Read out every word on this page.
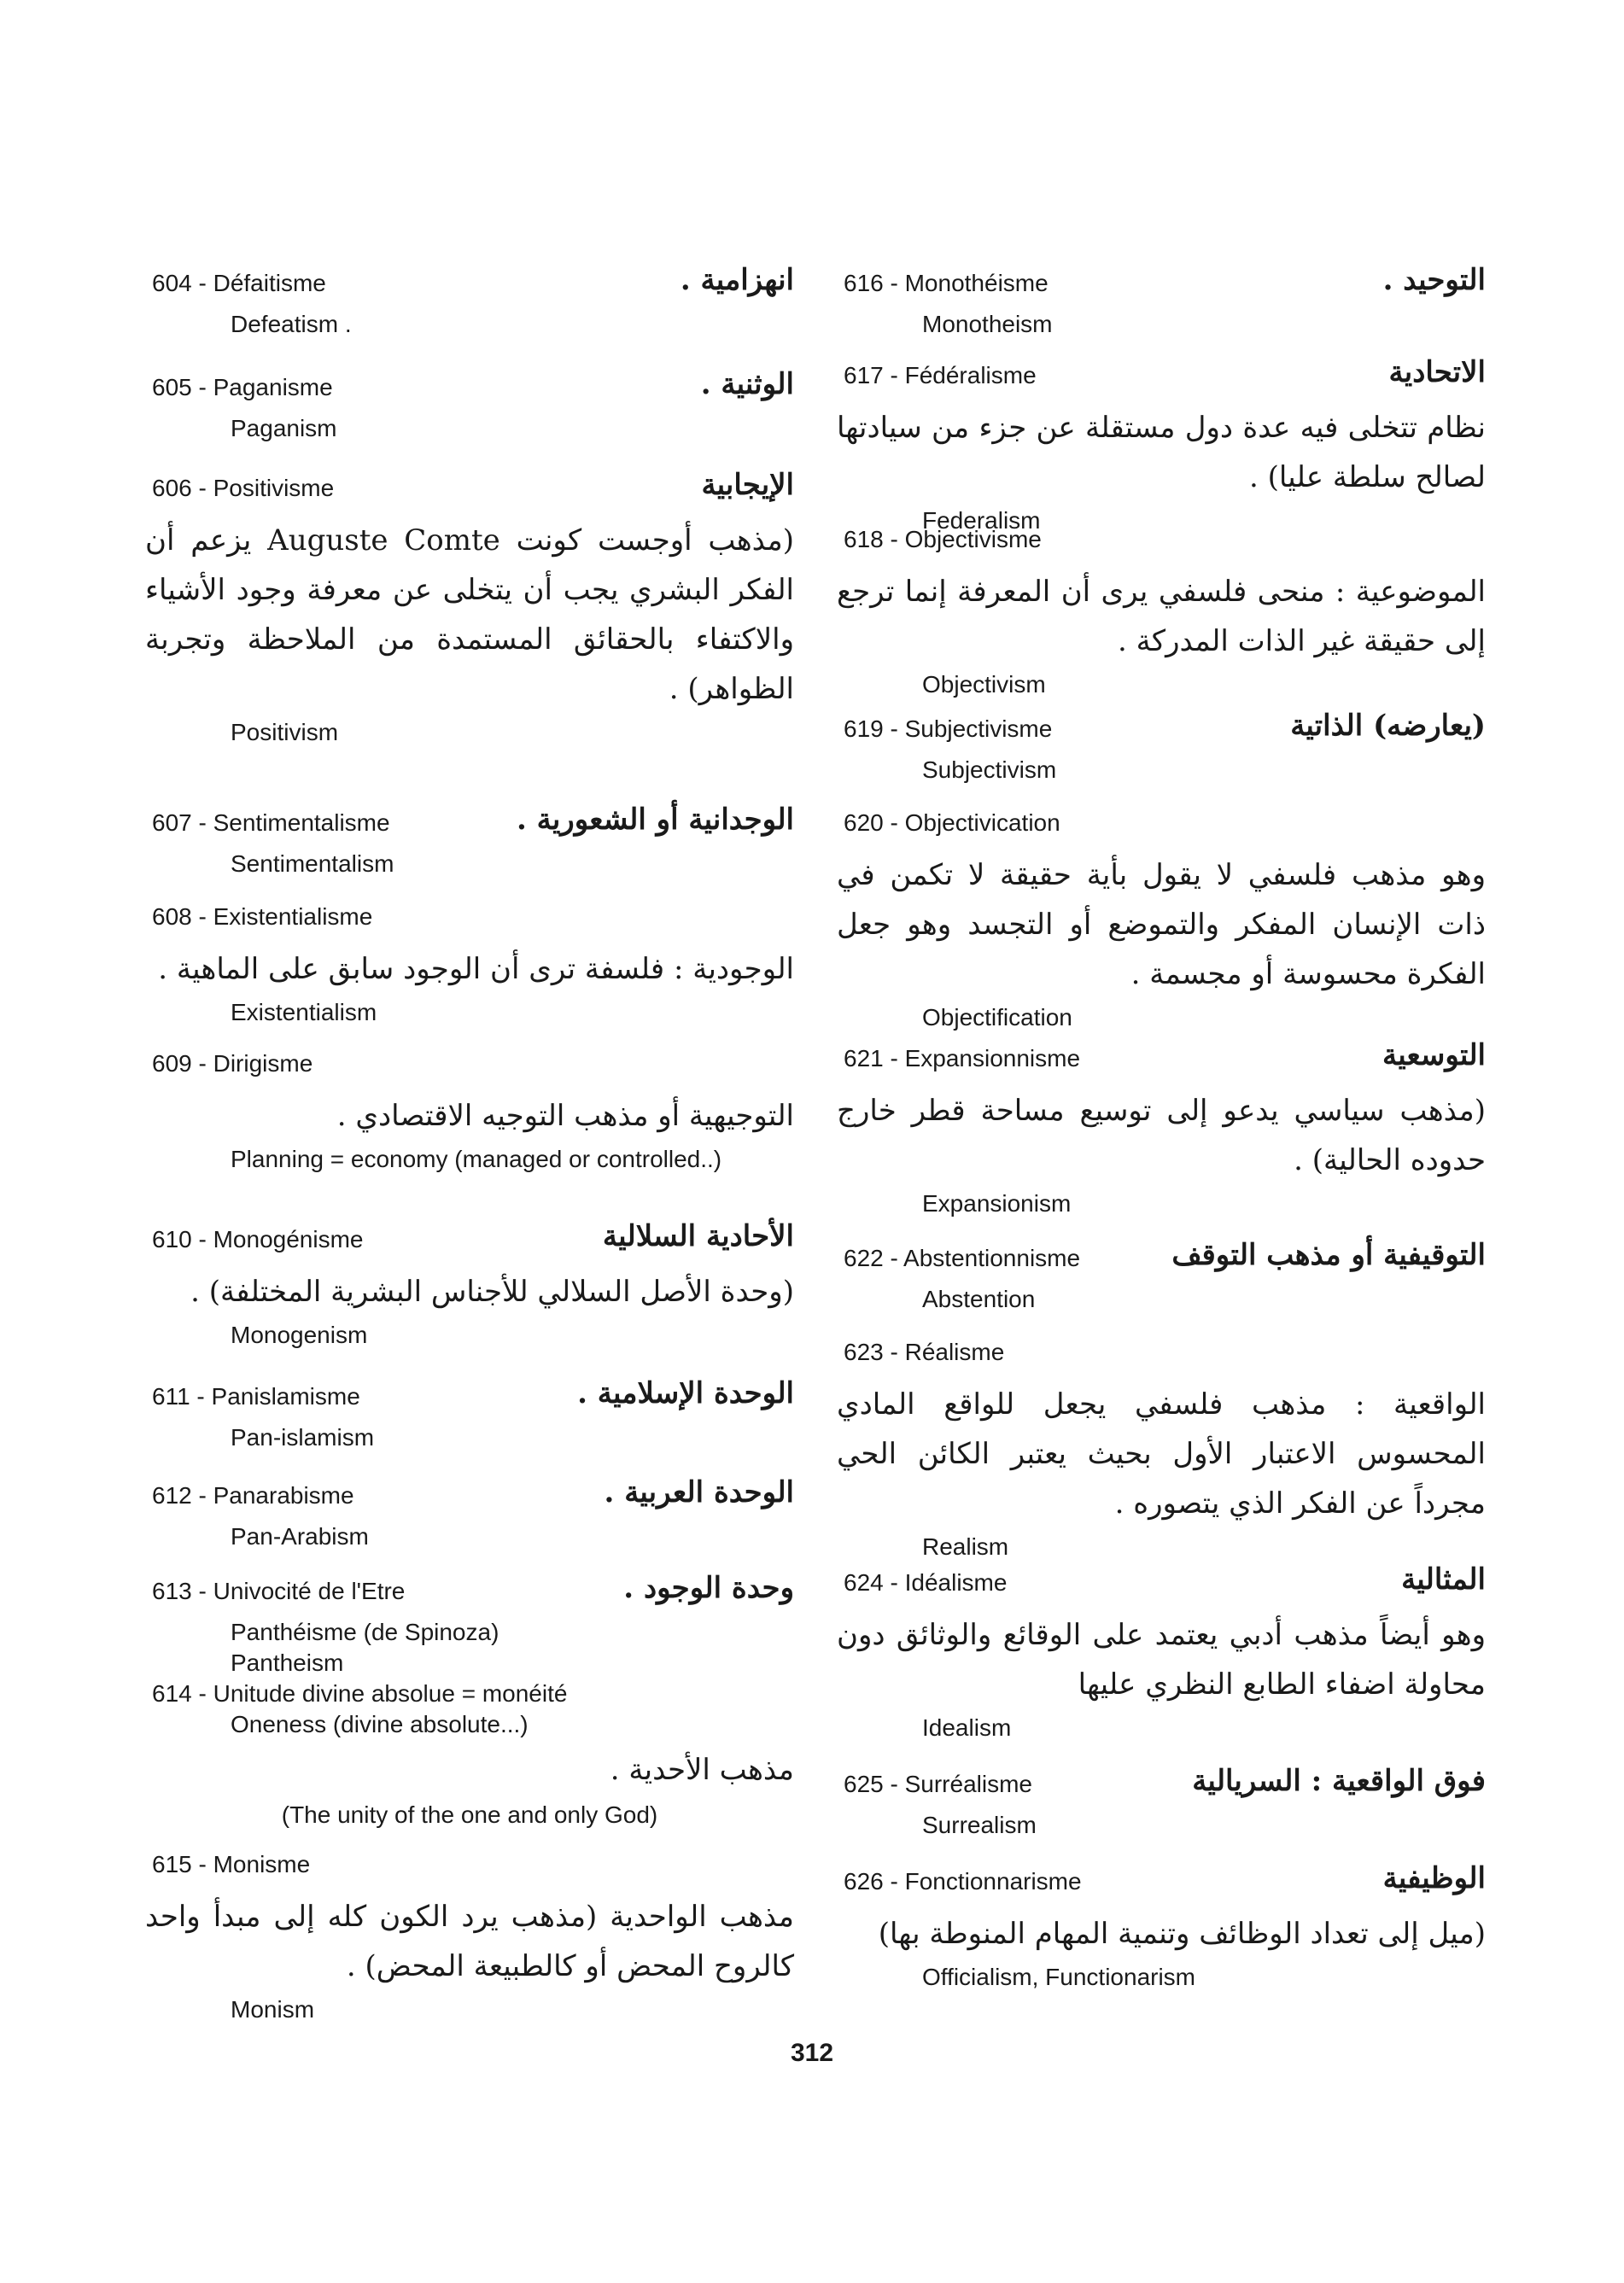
604 - Défaitisme	انهزامية .
Defeatism .
605 - Paganisme	الوثنية .
Paganism
606 - Positivisme	الإيجابية
(مذهب أوجست كونت Auguste Comte يزعم أن الفكر البشري يجب أن يتخلى عن معرفة وجود الأشياء والاكتفاء بالحقائق المستمدة من الملاحظة وتجربة الظواهر) .
Positivism
607 - Sentimentalisme	الوجدانية أو الشعورية .
Sentimentalism
608 - Existentialisme
الوجودية : فلسفة ترى أن الوجود سابق على الماهية .
Existentialism
609 - Dirigisme
التوجيهية أو مذهب التوجيه الاقتصادي .
Planning = economy (managed or controlled..)
610 - Monogénisme	الأحادية السلالية
(وحدة الأصل السلالي للأجناس البشرية المختلفة) .
Monogenism
611 - Panislamisme	الوحدة الإسلامية .
Pan-islamism
612 - Panarabisme	الوحدة العربية .
Pan-Arabism
613 - Univocité de l'Etre	وحدة الوجود .
Panthéisme (de Spinoza)
Pantheism
614 - Unitude divine absolue = monéité
Oneness (divine absolute...)
مذهب الأحدية .
(The unity of the one and only God)
615 - Monisme
مذهب الواحدية (مذهب يرد الكون كله إلى مبدأ واحد كالروح المحض أو كالطبيعة المحض) .
Monism
616 - Monothéisme	التوحيد .
Monotheism
617 - Fédéralisme	الاتحادية
نظام تتخلى فيه عدة دول مستقلة عن جزء من سيادتها لصالح سلطة عليا) .
Federalism
618 - Objectivisme
الموضوعية : منحى فلسفي يرى أن المعرفة إنما ترجع إلى حقيقة غير الذات المدركة .
Objectivism
619 - Subjectivisme	(يعارضه) الذاتية
Subjectivism
620 - Objectivication
وهو مذهب فلسفي لا يقول بأية حقيقة لا تكمن في ذات الإنسان المفكر والتموضع أو التجسد وهو جعل الفكرة محسوسة أو مجسمة .
Objectification
621 - Expansionnisme	التوسعية
(مذهب سياسي يدعو إلى توسيع مساحة قطر خارج حدوده الحالية) .
Expansionism
622 - Abstentionnisme	التوقيفية أو مذهب التوقف
Abstention
623 - Réalisme
الواقعية : مذهب فلسفي يجعل للواقع المادي المحسوس الاعتبار الأول بحيث يعتبر الكائن الحي مجرداً عن الفكر الذي يتصوره .
Realism
624 - Idéalisme	المثالية
وهو أيضاً مذهب أدبي يعتمد على الوقائع والوثائق دون محاولة اضفاء الطابع النظري عليها
Idealism
625 - Surréalisme	فوق الواقعية : السريالية
Surrealism
626 - Fonctionnarisme	الوظيفية
(ميل إلى تعداد الوظائف وتنمية المهام المنوطة بها)
Officialism, Functionarism
312
